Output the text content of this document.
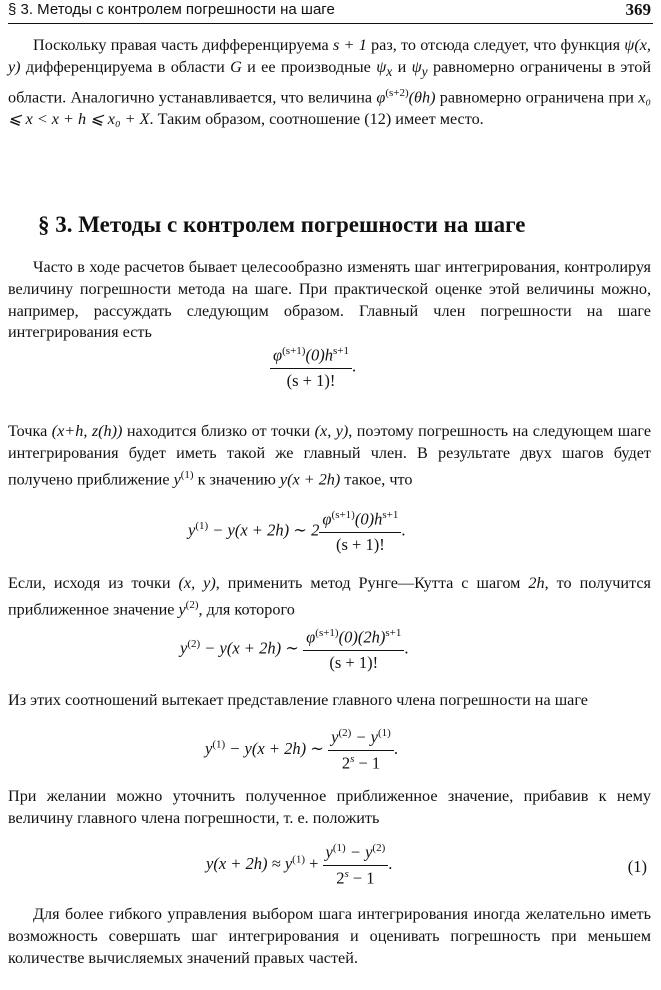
§ 3. Методы с контролем погрешности на шаге	369

Поскольку правая часть дифференцируема s + 1 раз, то отсюда следует, что функция ψ(x, y) дифференцируема в области G и ее производные $\psi_x$ и $\psi_y$ равномерно ограничены в этой области. Аналогично устанавливается, что величина $\varphi^{(s+2)}(\theta h)$ равномерно ограничена при x₀ ⩽ x < x + h ⩽ x₀ + X. Таким образом, соотношение (12) имеет место.

§ 3. Методы с контролем погрешности на шаге

Часто в ходе расчетов бывает целесообразно изменять шаг интегрирования, контролируя величину погрешности метода на шаге. При практической оценке этой величины можно, например, рассуждать следующим образом. Главный член погрешности на шаге интегрирования есть

$\frac{\varphi^{(s+1)}(0)h^{s+1}}{(s + 1)!}$ .

Точка (x+h, z(h)) находится близко от точки (x, y), поэтому погрешность на следующем шаге интегрирования будет иметь такой же главный член. В результате двух шагов будет получено приближение $y^{(1)}$ к значению y(x + 2h) такое, что

$y^{(1)} - y(x + 2h)$ ∼ $2 \frac{\varphi^{(s+1)}(0)h^{s+1}}{(s + 1)!}$ .

Если, исходя из точки (x, y), применить метод Рунге—Кутта с шагом 2h, то получится приближенное значение $y^{(2)}$, для которого

$y^{(2)} - y(x + 2h)$ ∼ $\frac{\varphi^{(s+1)}(0)(2h)^{s+1}}{(s + 1)!}$ .

Из этих соотношений вытекает представление главного члена погрешности на шаге

$y^{(1)} - y(x + 2h)$ ∼ $\frac{y^{(2)} - y^{(1)}}{2^s - 1}$ .

При желании можно уточнить полученное приближенное значение, прибавив к нему величину главного члена погрешности, т. е. положить

$y(x + 2h) \approx y^{(1)} + \frac{y^{(1)} - y^{(2)}}{2^s - 1}$ .	(1)

Для более гибкого управления выбором шага интегрирования иногда желательно иметь возможность совершать шаг интегрирования и оценивать погрешность при меньшем количестве вычисляемых значений правых частей.
